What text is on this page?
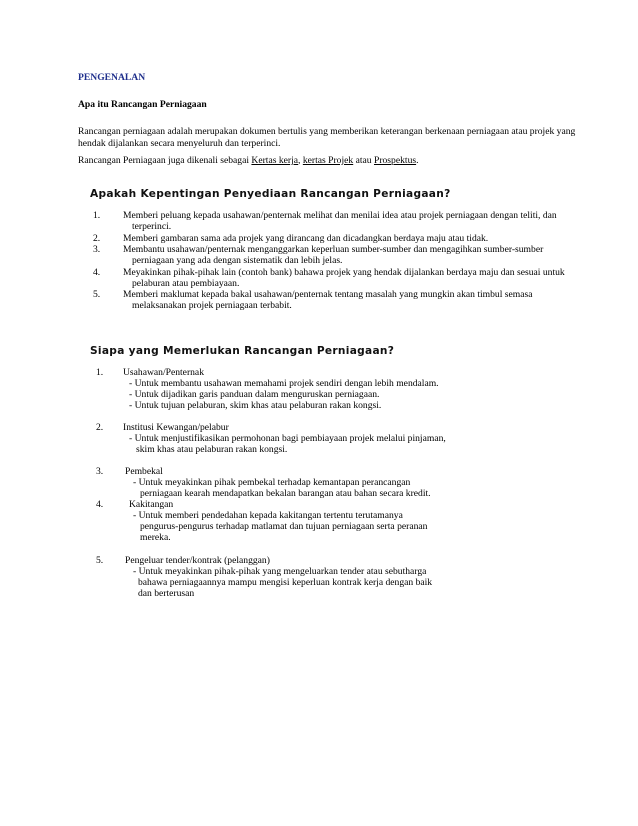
PENGENALAN
Apa itu Rancangan Perniagaan
Rancangan perniagaan adalah merupakan dokumen bertulis yang memberikan keterangan berkenaan perniagaan atau projek yang
hendak dijalankan secara menyeluruh dan terperinci.
Rancangan Perniagaan juga dikenali sebagai Kertas kerja, kertas Projek atau Prospektus.
Apakah Kepentingan Penyediaan Rancangan Perniagaan?
1. Memberi peluang kepada usahawan/penternak melihat dan menilai idea atau projek perniagaan dengan teliti, dan
terperinci.
2. Memberi gambaran sama ada projek yang dirancang dan dicadangkan berdaya maju atau tidak.
3. Membantu usahawan/penternak menganggarkan keperluan sumber-sumber dan mengagihkan sumber-sumber
perniagaan yang ada dengan sistematik dan lebih jelas.
4. Meyakinkan pihak-pihak lain (contoh bank) bahawa projek yang hendak dijalankan berdaya maju dan sesuai untuk
pelaburan atau pembiayaan.
5. Memberi maklumat kepada bakal usahawan/penternak tentang masalah yang mungkin akan timbul semasa
melaksanakan projek perniagaan terbabit.
Siapa yang Memerlukan Rancangan Perniagaan?
1. Usahawan/Penternak
- Untuk membantu usahawan memahami projek sendiri dengan lebih mendalam.
- Untuk dijadikan garis panduan dalam menguruskan perniagaan.
- Untuk tujuan pelaburan, skim khas atau pelaburan rakan kongsi.
2. Institusi Kewangan/pelabur
- Untuk menjustifikasikan permohonan bagi pembiayaan projek melalui pinjaman,
skim khas atau pelaburan rakan kongsi.
3. Pembekal
- Untuk meyakinkan pihak pembekal terhadap kemantapan perancangan
perniagaan kearah mendapatkan bekalan barangan atau bahan secara kredit.
4.	Kakitangan
- Untuk memberi pendedahan kepada kakitangan tertentu terutamanya
pengurus-pengurus terhadap matlamat dan tujuan perniagaan serta peranan
mereka.
5. Pengeluar tender/kontrak (pelanggan)
- Untuk meyakinkan pihak-pihak yang mengeluarkan tender atau sebutharga
bahawa perniagaannya mampu mengisi keperluan kontrak kerja dengan baik
dan berterusan
